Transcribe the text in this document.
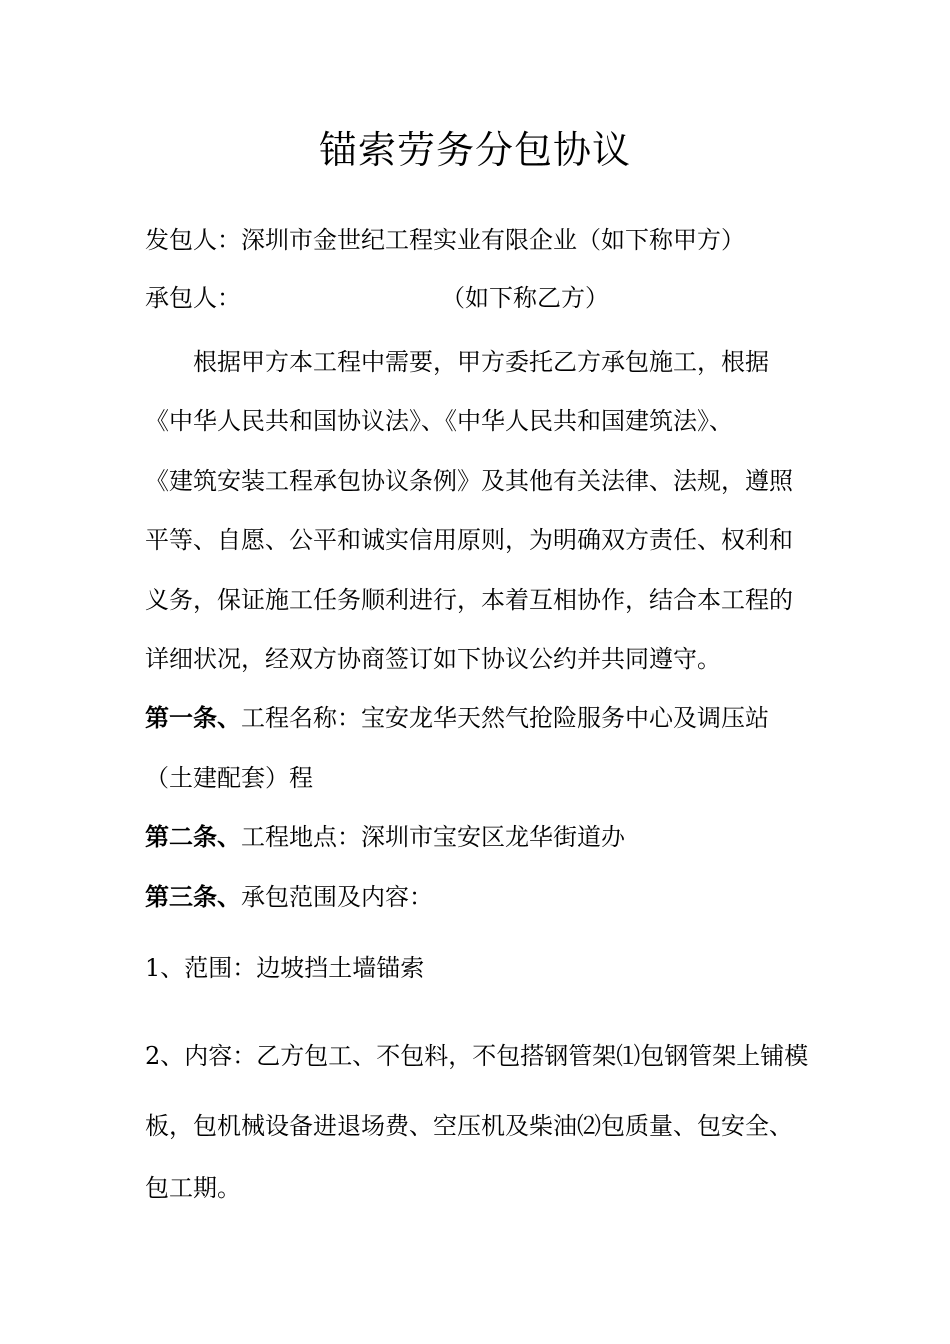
锚索劳务分包协议
发包人：深圳市金世纪工程实业有限企业（如下称甲方）
承包人：	（如下称乙方）
　　根据甲方本工程中需要，甲方委托乙方承包施工，根据
《中华人民共和国协议法》、《中华人民共和国建筑法》、
《建筑安装工程承包协议条例》及其他有关法律、法规，遵照
平等、自愿、公平和诚实信用原则，为明确双方责任、权利和
义务，保证施工任务顺利进行，本着互相协作，结合本工程的
详细状况，经双方协商签订如下协议公约并共同遵守。
第一条、工程名称：宝安龙华天然气抢险服务中心及调压站
（土建配套）程
第二条、工程地点：深圳市宝安区龙华街道办
第三条、承包范围及内容：
1、范围：边坡挡土墙锚索
2、内容：乙方包工、不包料，不包搭钢管架⑴包钢管架上铺模
板，包机械设备进退场费、空压机及柴油⑵包质量、包安全、
包工期。
